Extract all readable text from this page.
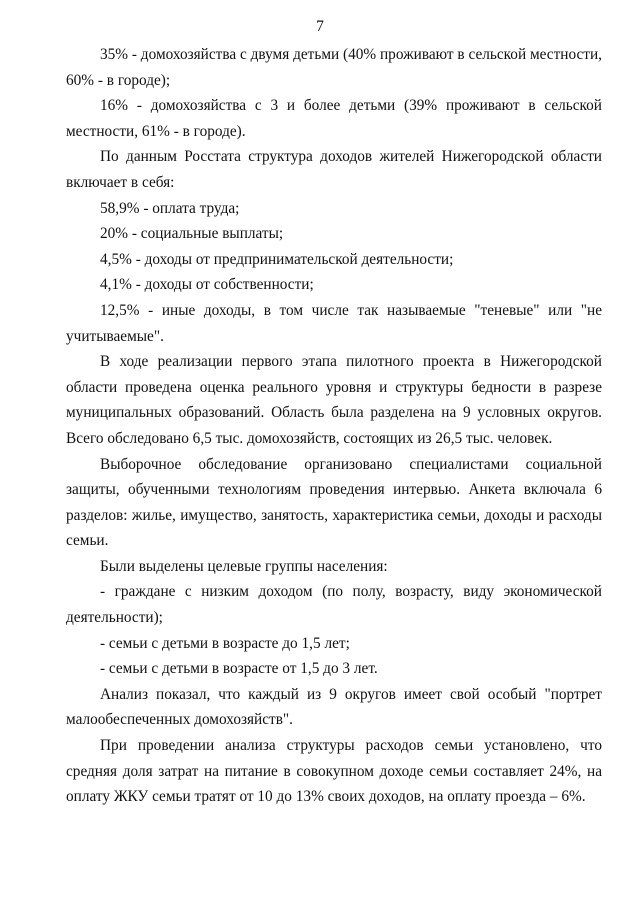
7

35% - домохозяйства с двумя детьми (40% проживают в сельской местности, 60% - в городе);

16% - домохозяйства с 3 и более детьми (39% проживают в сельской местности, 61% - в городе).

По данным Росстата структура доходов жителей Нижегородской области включает в себя:

58,9% - оплата труда;

20% - социальные выплаты;

4,5% - доходы от предпринимательской деятельности;

4,1% - доходы от собственности;

12,5% - иные доходы, в том числе так называемые "теневые" или "не учитываемые".

В ходе реализации первого этапа пилотного проекта в Нижегородской области проведена оценка реального уровня и структуры бедности в разрезе муниципальных образований. Область была разделена на 9 условных округов. Всего обследовано 6,5 тыс. домохозяйств, состоящих из 26,5 тыс. человек.

Выборочное обследование организовано специалистами социальной защиты, обученными технологиям проведения интервью. Анкета включала 6 разделов: жилье, имущество, занятость, характеристика семьи, доходы и расходы семьи.

Были выделены целевые группы населения:

- граждане с низким доходом (по полу, возрасту, виду экономической деятельности);

- семьи с детьми в возрасте до 1,5 лет;

- семьи с детьми в возрасте от 1,5 до 3 лет.

Анализ показал, что каждый из 9 округов имеет свой особый "портрет малообеспеченных домохозяйств".

При проведении анализа структуры расходов семьи установлено, что средняя доля затрат на питание в совокупном доходе семьи составляет 24%, на оплату ЖКУ семьи тратят от 10 до 13% своих доходов, на оплату проезда – 6%.
